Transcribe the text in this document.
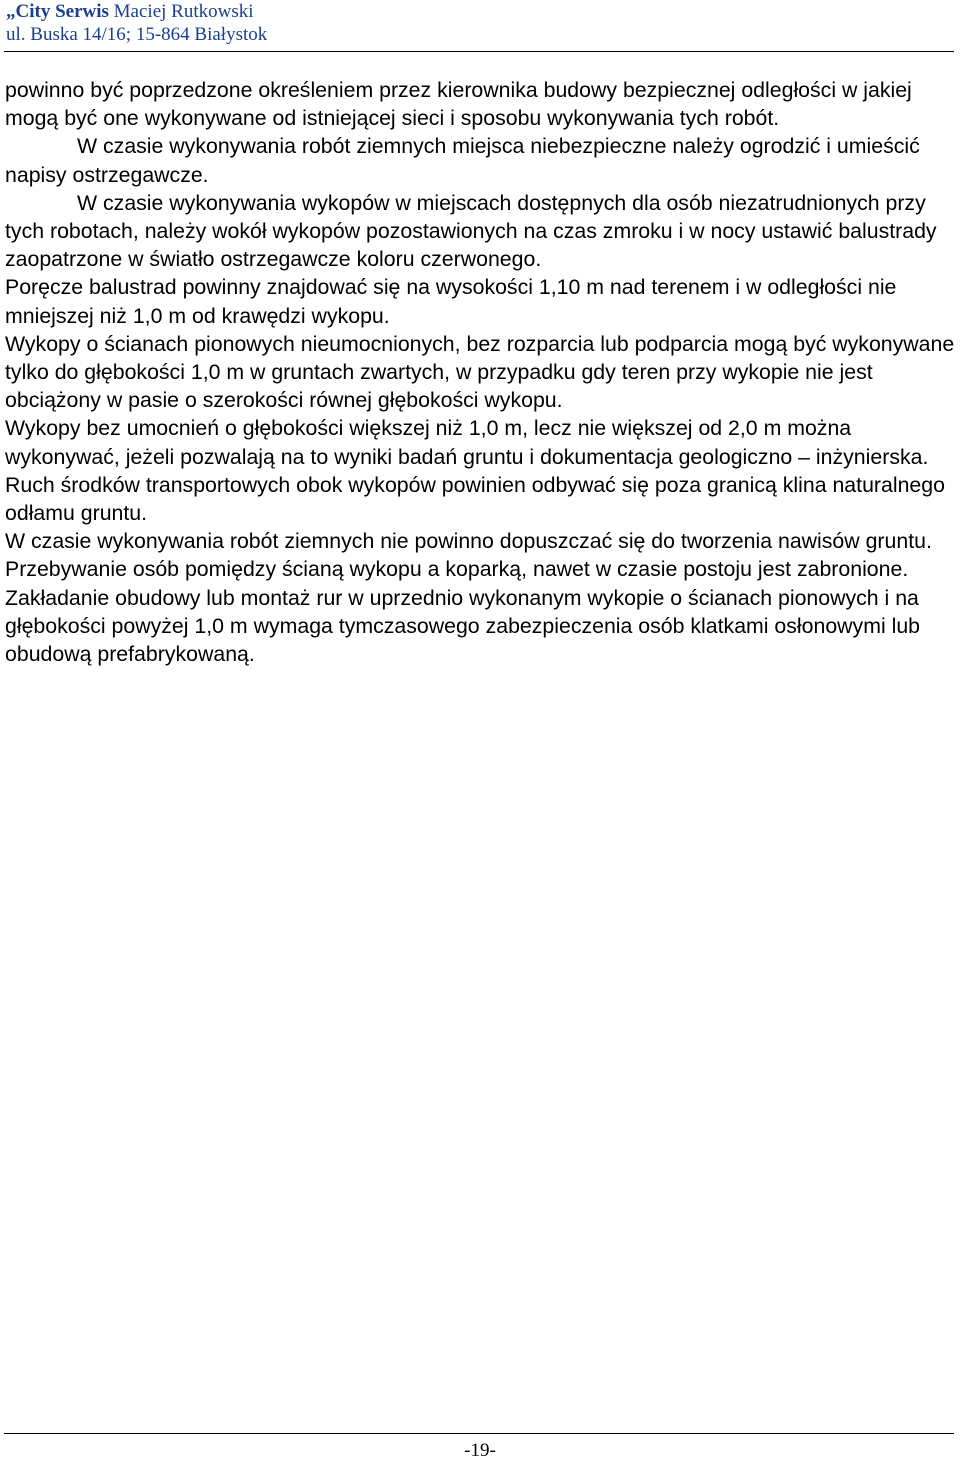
„City Serwis Maciej Rutkowski
ul. Buska 14/16; 15-864 Białystok

powinno być poprzedzone określeniem przez kierownika budowy bezpiecznej odległości w jakiej mogą być one wykonywane od istniejącej sieci i sposobu wykonywania tych robót.

W czasie wykonywania robót ziemnych miejsca niebezpieczne należy ogrodzić i umieścić napisy ostrzegawcze.

W czasie wykonywania wykopów w miejscach dostępnych dla osób niezatrudnionych przy tych robotach, należy wokół wykopów pozostawionych na czas zmroku i w nocy ustawić balustrady zaopatrzone w światło ostrzegawcze koloru czerwonego.

Poręcze balustrad powinny znajdować się na wysokości 1,10 m nad terenem i w odległości nie mniejszej niż 1,0 m od krawędzi wykopu.

Wykopy o ścianach pionowych nieumocnionych, bez rozparcia lub podparcia mogą być wykonywane tylko do głębokości 1,0 m w gruntach zwartych, w przypadku gdy teren przy wykopie nie jest obciążony w pasie o szerokości równej głębokości wykopu.

Wykopy bez umocnień o głębokości większej niż 1,0 m, lecz nie większej od 2,0 m można wykonywać, jeżeli pozwalają na to wyniki badań gruntu i dokumentacja geologiczno – inżynierska.

Ruch środków transportowych obok wykopów powinien odbywać się poza granicą klina naturalnego odłamu gruntu.

W czasie wykonywania robót ziemnych nie powinno dopuszczać się do tworzenia nawisów gruntu.

Przebywanie osób pomiędzy ścianą wykopu a koparką, nawet w czasie postoju jest zabronione.

Zakładanie obudowy lub montaż rur w uprzednio wykonanym wykopie o ścianach pionowych i na głębokości powyżej 1,0 m wymaga tymczasowego zabezpieczenia osób klatkami osłonowymi lub obudową prefabrykowaną.

-19-
